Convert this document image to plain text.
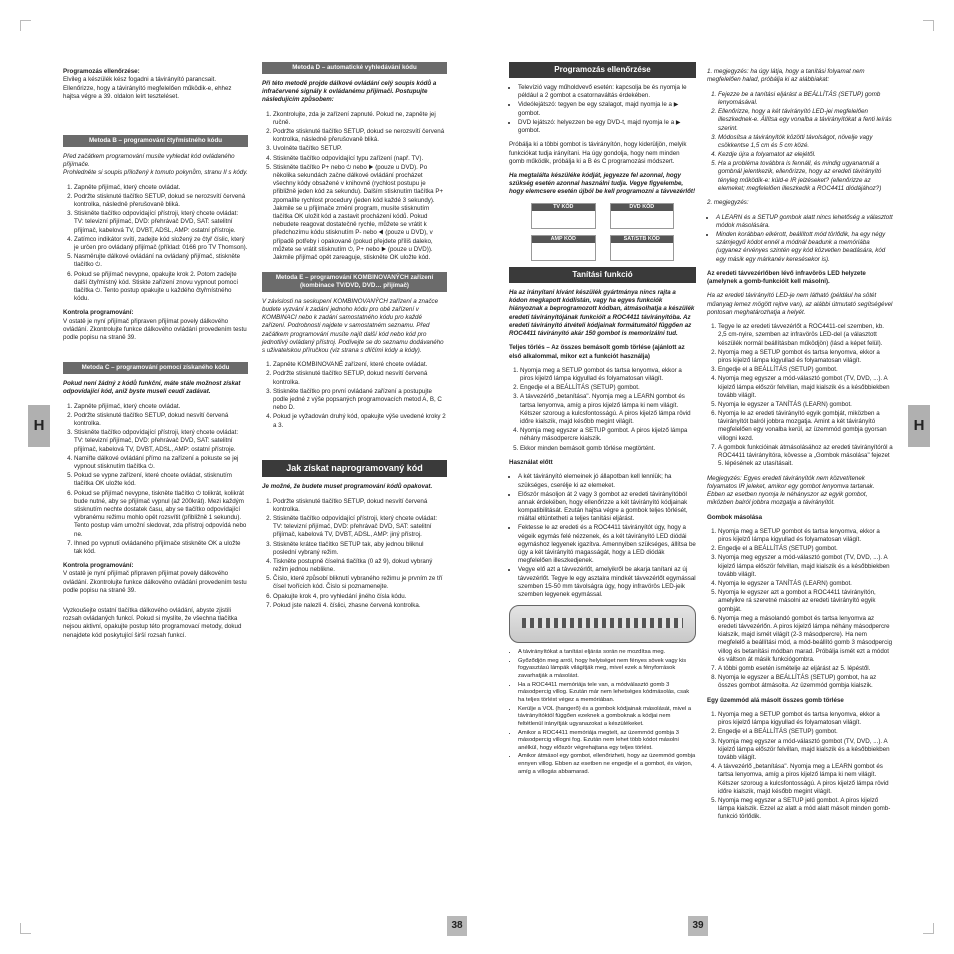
Programozás ellenőrzése:
Elvileg a készülék kész fogadni a távirányító parancsait. Ellenőrizze, hogy a távirányító megfelelően működik-e, ehhez hajtsa végre a 39. oldalon leírt teszteléset.

Metoda B – programování čtyřmístného kódu

Před začátkem programování musíte vyhledat kód ovládaného přijímače.
Prohledněte si soupis přiložený k tomuto pokynům, stranu II s kódy.

1. Zapněte přijímač, který chcete ovládat.
2. Podržte stisknuté tlačítko SETUP, dokud se nerozsvítí červená kontrolka, následně přerušovaně bliká.
3. Stiskněte tlačítko odpovídající přístroji, který chcete ovládat: TV: televizní přijímač, DVD: přehrávač DVD, SAT: satelitní přijímač, kabelová TV, DVBT, ADSL, AMP: ostatní přístroje.
4. Zatímco indikátor svítí, zadejte kód složený ze čtyř číslic, který je určen pro ovládaný přijímač (příklad: 0166 pro TV Thomson).
5. Nasměrujte dálkové ovládání na ovládaný přijímač, stiskněte tlačítko ⏻.
6. Pokud se přijímač nevypne, opakujte krok 2. Potom zadejte další čtyřmístný kód. Stiskte zařízení znovu vypnout pomocí tlačítka ⏻. Tento postup opakujte u každého čtyřmístného kódu.

Kontrola programování:
V ostatě je nyní přijímač připraven přijímat povely dálkového ovládání. Zkontrolujte funkce dálkového ovládání provedením testu podle popisu na straně 39.

Metoda C – programování pomocí získaného kódu

Pokud není žádný z kódů funkční, máte stále možnost získat odpovídající kód, aniž byste museli ceudí zadávat.

1. Zapněte přijímač, který chcete ovládat.
2. Podržte stisknuté tlačítko SETUP, dokud nesvítí červená kontrolka.
3. Stiskněte tlačítko odpovídající přístroji, který chcete ovládat: TV: televizní přijímač, DVD: přehrávač DVD, SAT: satelitní přijímač, kabelová TV, DVBT, ADSL, AMP: ostatní přístroje.
4. Namiřte dálkové ovládání přímo na zařízení a pokuste se jej vypnout stisknutím tlačítka ⏻.
5. Pokud se vypne zařízení, které chcete ovládat, stisknutím tlačítka OK uložte kód.
6. Pokud se přijímač nevypne, tiskněte tlačítko ⏻ tolikrát, kolikrát bude nutné, aby se přijímač vypnul (až 200krát). Mezi každým stisknutím nechte dostatek času, aby se tlačítko odpovídající vybranému režimu mohlo opět rozsvítit (přibližně 1 sekundu). Tento postup vám umožní sledovat, zda přístroj odpovídá nebo ne.
7. Ihned po vypnutí ovládaného přijímače stiskněte OK a uložte tak kód.

Kontrola programování:
V ostatě je nyní přijímač připraven přijímat povely dálkového ovládání. Zkontrolujte funkce dálkového ovládání provedením testu podle popisu na straně 39.

Vyzkoušejte ostatní tlačítka dálkového ovládání, abyste zjistili rozsah ovládaných funkcí. Pokud si myslíte, že všechna tlačítka nejsou aktivní, opakujte postup této programovací metody, dokud nenajdete kód poskytující širší rozsah funkcí.

Metoda D – automatické vyhledávání kódu

Při této metodě projde dálkové ovládání celý soupis kódů a infračervené signály k ovládanému přijímači. Postupujte následujícím způsobem:

1. Zkontrolujte, zda je zařízení zapnuté. Pokud ne, zapněte jej ručně.
2. Podržte stisknuté tlačítko SETUP, dokud se nerozsvítí červená kontrolka, následně přerušovaně bliká.
3. Uvolněte tlačítko SETUP.
4. Stiskněte tlačítko odpovídající typu zařízení (např. TV).
5. Stiskněte tlačítko P+ nebo ⏻ nebo ▶ (pouze u DVD). Po několika sekundách začne dálkové ovládání procházet všechny kódy obsažené v knihovně (rychlost postupu je přibližně jeden kód za sekundu). Dalším stisknutím tlačítka P+ zpomalíte rychlost procedury (jeden kód každé 3 sekundy). Jakmile se u přijímače změní program, musíte stisknutím tlačítka OK uložit kód a zastavit procházení kódů. Pokud nebudete reagovat dostatečně rychle, můžete se vrátit k předchozímu kódu stisknutím P- nebo ◀ (pouze u DVD), v případě potřeby i opakovaně (pokud přejdete příliš daleko, můžete se vrátit stisknutím ⏻, P+ nebo ▶ (pouze u DVD)). Jakmile přijímač opět zareaguje, stiskněte OK uložte kód.
Metoda E – programování KOMBINOVANÝCH zařízení (kombinace TV/DVD, DVD… přijímač)

V závislosti na seskupení KOMBINOVANÝCH zařízení a značce budete vyzvání k zadání jednoho kódu pro obě zařízení v KOMBINACI nebo k zadání samostatného kódu pro každé zařízení. Podrobnosti najdete v samostatném seznamu. Před začátkem programování musíte najít další kód nebo kód pro jednotlivý ovládaný přístroj. Podívejte se do seznamu dodávaného s uživatelskou příručkou (viz strana s dlíčími kódy a kódy).

1. Zapněte KOMBINOVANÉ zařízení, které chcete ovládat.
2. Podržte stisknuté tlačítko SETUP, dokud nesvítí červená kontrolka.
3. Stiskněte tlačítko pro první ovládané zařízení a postupujte podle jedné z výše popsaných programovacích metod A, B, C nebo D.
4. Pokud je vyžadován druhý kód, opakujte výše uvedené kroky 2 a 3.
Jak získat naprogramovaný kód

Je možné, že budete muset programování kódů opakovat.

1. Podržte stisknuté tlačítko SETUP, dokud nesvítí červená kontrolka.
2. Stiskněte tlačítko odpovídající přístroji, který chcete ovládat: TV: televizní přijímač, DVD: přehrávač DVD, SAT: satelitní přijímač, kabelová TV, DVBT, ADSL, AMP: jiný přístroj.
3. Stiskněte krátce tlačítko SETUP tak, aby jednou bliknul poslední vybraný režim.
4. Tiskněte postupně číselná tlačítka (0 až 9), dokud vybraný režim jednou neblikne.
5. Číslo, které způsobí bliknutí vybraného režimu je prvním ze tří čísel tvořících kód. Číslo si poznamenejte.
6. Opakujte krok 4, pro vyhledání jiného čísla kódu.
7. Pokud jste nalezli 4. číslici, zhasne červená kontrolka.
H
38
Programozás ellenőrzése
• Televízió vagy műholdvevő esetén: kapcsolja be és nyomja le például a 2 gombot a csatornaváltás érdekében.
• Videólejátszó: tegyen be egy szalagot, majd nyomja le a ▶ gombot.
• DVD lejátszó: helyezzen be egy DVD-t, majd nyomja le a ▶ gombot.

Próbálja ki a többi gombot is távirányítón, hogy kiderüljön, melyik funkciókat tudja irányítani. Ha úgy gondolja, hogy nem minden gomb működik, próbálja ki a B és C programozási módszert.

Ha megtalálta készüléke kódját, jegyezze fel azonnal, hogy szükség esetén azonnal használni tudja. Vegye figyelembe, hogy elemcsere esetén újból be kell programozni a távvezérlőt!

TV KÓD	DVD KÓD
AMP KÓD	SAT/STB KÓD
Tanítási funkció

Ha az irányítani kívánt készülék gyártmánya nincs rajta a kódon megkapott kódlistán, vagy ha egyes funkciók hiányoznak a beprogramozott kódban, átmásolhatja a készülék eredeti távirányítójának funkcióit a ROC4411 távirányítóba. Az eredeti távirányító átvételi kódjainak formátumától függően az ROC4411 távirányító akár 150 gombot is memorizálni tud.

Teljes törlés – Az összes bemásolt gomb törlése (ajánlott az első alkalommal, mikor ezt a funkciót használja)

1. Nyomja meg a SETUP gombot és tartsa lenyomva, ekkor a piros kijelző lámpa kigyullad és folyamatosan világít.
2. Engedje el a BEÁLLÍTÁS (SETUP) gombot.
3. A távvezérlő „betanítása". Nyomja meg a LEARN gombot és tartsa lenyomva, amíg a piros kijelző lámpa ki nem világít. Kétszer szoroug a kulcsfontosságú. A piros kijelző lámpa rövid időre kialszik, majd később megint világít.
4. Nyomja meg egyszer a SETUP gombot. A piros kijelző lámpa néhány másodpercre kialszik.
5. Ekkor minden bemásolt gomb törlése megtörtént.

Használat előtt

• A két távirányító elemeinek jó állapotban kell lenniük; ha szükséges, cserélje ki az elemeket.
• Először másoljon át 2 vagy 3 gombot az eredeti távirányítóból annak érdekében, hogy ellenőrizze a két távirányító kódjainak kompatibilitását. Ezután hajtsa végre a gombok teljes törlését, miáltal eltüntetheti a teljes tanítási eljárást.
• Fektesse le az eredeti és a ROC4411 távirányítót úgy, hogy a végeik egymás felé nézzenek, és a két távirányító LED diódái egymáshoz legyenek igazítva. Amennyiben szükséges, állítsa be úgy a két távirányító magasságát, hogy a LED diódák megfelelően illeszkedjenek.
• Vegye elő azt a távvezérlőt, amelyikről be akarja tanítani az új távvezérlőt. Tegye le egy asztalra mindkét távvezérlőt egymással szemben 15-50 mm távolságra úgy, hogy infravörös LED-jeik szemben legyenek egymással.
• A távirányítókat a tanítási eljárás során ne mozdítsa meg.
• Győződjön meg arról, hogy helyiséget nem fényes sövek vagy kis fogyasztású lámpák világítják meg, mivel ezek a fényforrások zavarhatják a másolást.
• Ha a ROC4411 memóriája tele van, a módválasztó gomb 3 másodpercig villog. Ezután már nem lehetséges kódmásolás, csak ha teljes törlést végez a memóriában.
• Kerülje a VOL (hangerő) és a gombok kódjainak másolását, mivel a távirányítóktól függően ezeknek a gomboknak a kódjai nem feltétlenül irányítják ugyanazokat a készülékeket.
• Amikor a ROC4411 memóriája megtelt, az üzemmód gombja 3 másodpercig villogni fog. Ezután nem lehet több kódot másolni anélkül, hogy először végrehajtana egy teljes törlést.
• Amikor átmásol egy gombot, ellenőrizheti, hogy az üzemmód gombja ennyen villog. Ebben az esetben ne engedje el a gombot, és várjon, amíg a villogás abbamarad.

1. megjegyzés: ha úgy látja, hogy a tanítási folyamat nem megfelelően halad, próbálja ki az alábbiakat:

1. Fejezze be a tanítási eljárást a BEÁLLÍTÁS (SETUP) gomb lenyomásával.
2. Ellenőrizze, hogy a két távirányító LED-jei megfelelően illeszkednek-e. Állítsa egy vonalba a távirányítókat a fenti leírás szerint.
3. Módosítsa a távirányítók közötti távolságot, növelje vagy csökkentse 1,5 cm és 5 cm közé.
4. Kezdje újra a folyamatot az elejétől.
5. Ha a probléma továbbra is fennáll, és mindig ugyanannál a gombnál jelentkezik, ellenőrizze, hogy az eredeti távirányító tényleg működik-e: küld-e IR jelzéseket? (ellenőrizze az elemeket; megfelelően illeszkedik a ROC4411 diódájához?)

2. megjegyzés:

• A LEARN és a SETUP gombok alatt nincs lehetőség a választott módok másolására.
• Minden korábban elkérott, beállított mód törlődik, ha egy négy számjegyű kódot ennél a módnál beadunk a memóriába (ugyanez érvényes szintén egy kód közvetlen beadására, kód egy másik egy márkanév keresésekor is).

Az eredeti távvezérlőben lévő infravörös LED helyzete (amelynek a gomb-funkcióit kell másolni).

Ha az eredeti távirányító LED-je nem látható (például ha sötét műanyag lemez mögött rejtve van), az alábbi útmutató segítségével pontosan meghatározhatja a helyét.

1. Tegye le az eredeti távvezérlőt a ROC4411-cel szemben, kb. 2,5 cm-nyire, szemben az infravörös LED-del (a választott készülék normál beállításban működjön) (lásd a képet felül).
2. Nyomja meg a SETUP gombot és tartsa lenyomva, ekkor a piros kijelző lámpa kigyullad és folyamatosan világít.
3. Engedje el a BEÁLLÍTÁS (SETUP) gombot.
4. Nyomja meg egyszer a mód-választó gombot (TV, DVD, ...). A kijelző lámpa először felvillan, majd kialszik és a későbbiekben tovább világít.
5. Nyomja le egyszer a TANÍTÁS (LEARN) gombot.
6. Nyomja le az eredeti távirányító egyik gombját, miközben a távirányítót balról jobbra mozgatja. Amint a két távirányító megfelelően egy vonalba kerül, az üzemmód gombja gyorsan villogni kezd.
7. A gombok funkcióinak átmásolásához az eredeti távirányítóról a ROC4411 távirányítóra, kövesse a „Gombok másolása" fejezet 5. lépésének az utasításait.

Megjegyzés: Egyes eredeti távirányítók nem közvetítenek folyamatos IR jeleket, amikor egy gombot lenyomva tartanak. Ebben az esetben nyomja le néhányszor az egyik gombot, miközben balról jobbra mozgatja a távirányítót.

Gombok másolása

1. Nyomja meg a SETUP gombot és tartsa lenyomva, ekkor a piros kijelző lámpa kigyullad és folyamatosan világít.
2. Engedje el a BEÁLLÍTÁS (SETUP) gombot.
3. Nyomja meg egyszer a mód-választó gombot (TV, DVD, ...). A kijelző lámpa először felvillan, majd kialszik és a későbbiekben tovább világít.
4. Nyomja le egyszer a TANÍTÁS (LEARN) gombot.
5. Nyomja le egyszer azt a gombot a ROC4411 távirányítón, amelyikre rá szeretné másolni az eredeti távirányító egyik gombját.
6. Nyomja meg a másolandó gombot és tartsa lenyomva az eredeti távvezérlőn. A piros kijelző lámpa néhány másodpercre kialszik, majd ismét világít (2-3 másodpercre). Ha nem megfelelő a beállítási mód, a mód-beállító gomb 3 másodpercig villog és betanítási módban marad. Próbálja ismét ezt a módot és váltson át másik funkciógombra.
7. A többi gomb esetén ismételje az eljárást az 5. lépéstől.
8. Nyomja le egyszer a BEÁLLÍTÁS (SETUP) gombot, ha az összes gombot átmásolta. Az üzemmód gombja kialszik.

Egy üzemmód alá másolt összes gomb törlése

1. Nyomja meg a SETUP gombot és tartsa lenyomva, ekkor a piros kijelző lámpa kigyullad és folyamatosan világít.
2. Engedje el a BEÁLLÍTÁS (SETUP) gombot.
3. Nyomja meg egyszer a mód-választó gombot (TV, DVD, ...). A kijelző lámpa először felvillan, majd kialszik és a későbbiekben tovább világít.
4. A távvezérlő „betanítása". Nyomja meg a LEARN gombot és tartsa lenyomva, amíg a piros kijelző lámpa ki nem világít. Kétszer szoroug a kulcsfontosságú. A piros kijelző lámpa rövid időre kialszik, majd később megint világít.
5. Nyomja meg egyszer a SETUP jelű gombot. A piros kijelző lámpa kialszik. Ezzel az alatt a mód alatt másolt minden gomb-funkció törlődik.
H
39
